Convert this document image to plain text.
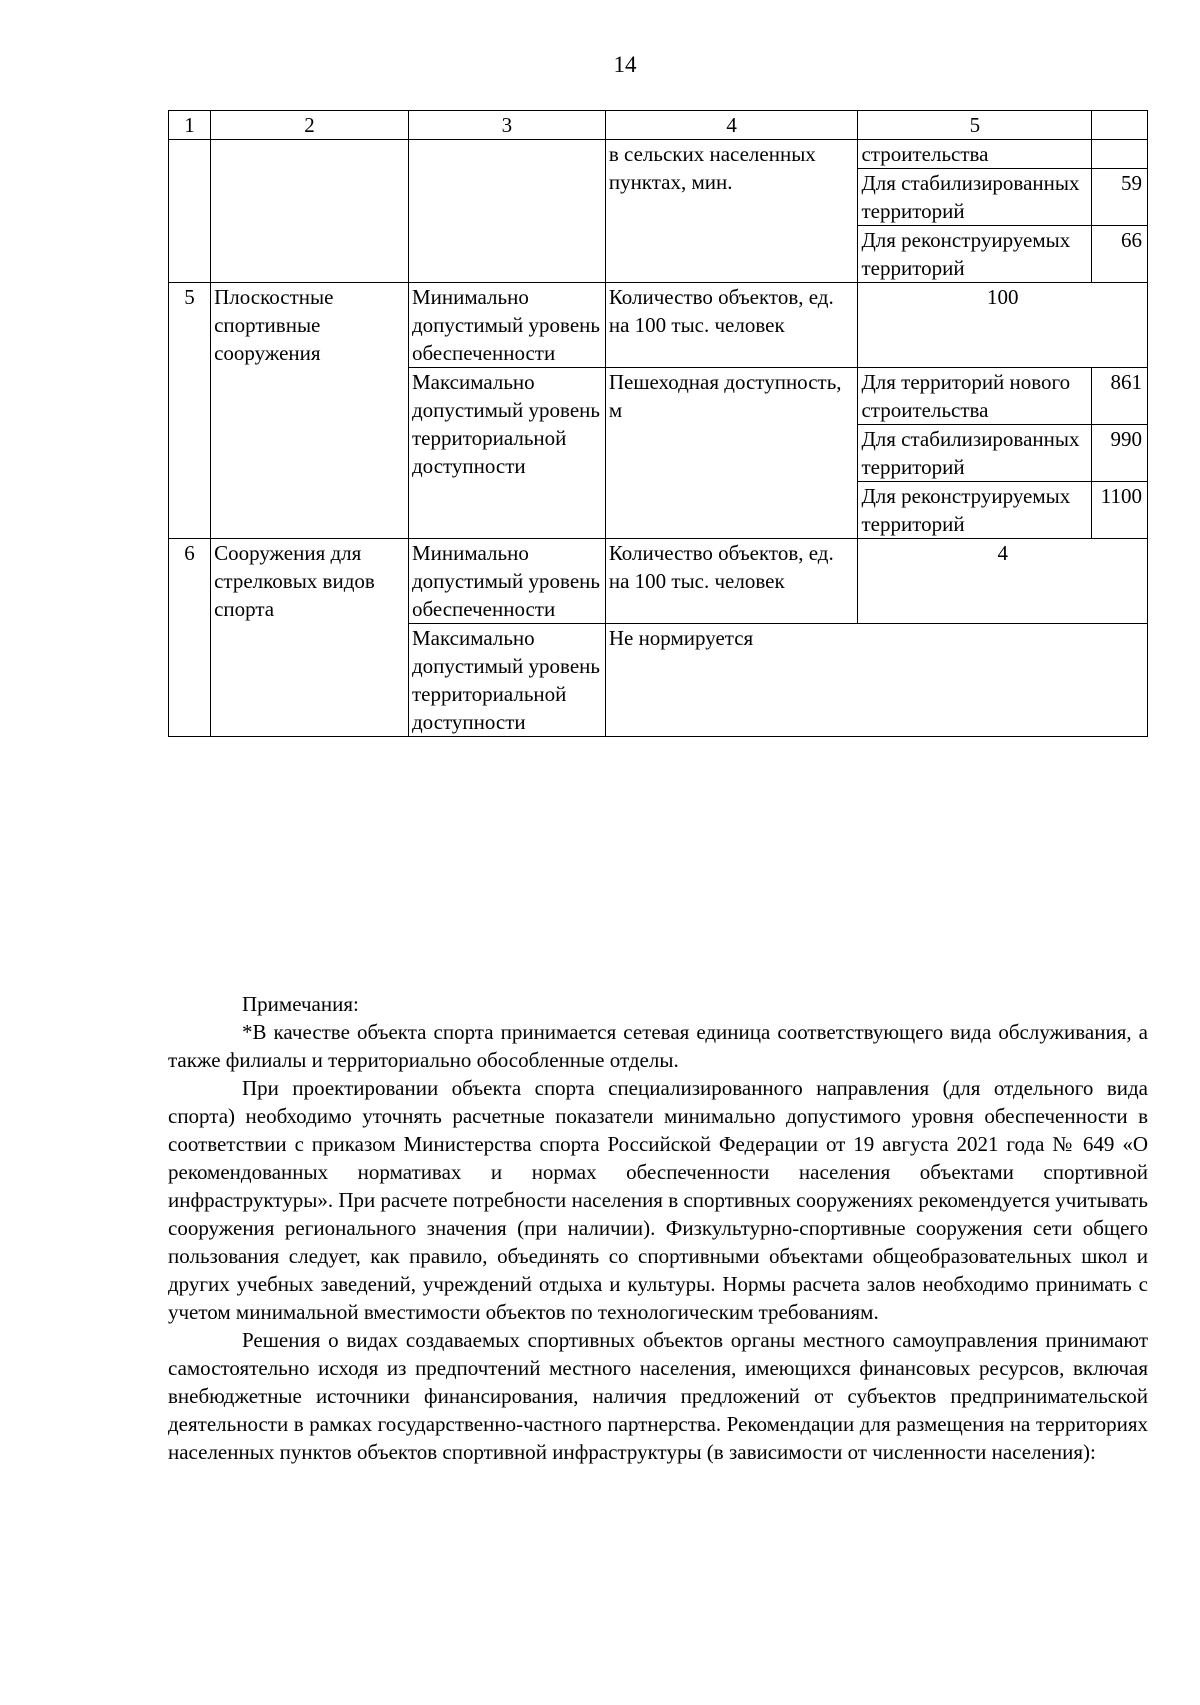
14
1	2	3	4	5	
			в сельских населенных пунктах, мин.	строительства	
				Для стабилизированных территорий	59
				Для реконструируемых территорий	66
5	Плоскостные спортивные сооружения	Минимально допустимый уровень обеспеченности	Количество объектов, ед. на 100 тыс. человек	100	
		Максимально допустимый уровень территориальной доступности	Пешеходная доступность, м	Для территорий нового строительства	861
				Для стабилизированных территорий	990
				Для реконструируемых территорий	1100
6	Сооружения для стрелковых видов спорта	Минимально допустимый уровень обеспеченности	Количество объектов, ед. на 100 тыс. человек	4	
		Максимально допустимый уровень территориальной доступности	Не нормируется		

Примечания:

*В качестве объекта спорта принимается сетевая единица соответствующего вида обслуживания, а также филиалы и территориально обособленные отделы.

При проектировании объекта спорта специализированного направления (для отдельного вида спорта) необходимо уточнять расчетные показатели минимально допустимого уровня обеспеченности в соответствии с приказом Министерства спорта Российской Федерации от 19 августа 2021 года № 649 «О рекомендованных нормативах и нормах обеспеченности населения объектами спортивной инфраструктуры». При расчете потребности населения в спортивных сооружениях рекомендуется учитывать сооружения регионального значения (при наличии). Физкультурно-спортивные сооружения сети общего пользования следует, как правило, объединять со спортивными объектами общеобразовательных школ и других учебных заведений, учреждений отдыха и культуры. Нормы расчета залов необходимо принимать с учетом минимальной вместимости объектов по технологическим требованиям.

Решения о видах создаваемых спортивных объектов органы местного самоуправления принимают самостоятельно исходя из предпочтений местного населения, имеющихся финансовых ресурсов, включая внебюджетные источники финансирования, наличия предложений от субъектов предпринимательской деятельности в рамках государственно-частного партнерства. Рекомендации для размещения на территориях населенных пунктов объектов спортивной инфраструктуры (в зависимости от численности населения):
